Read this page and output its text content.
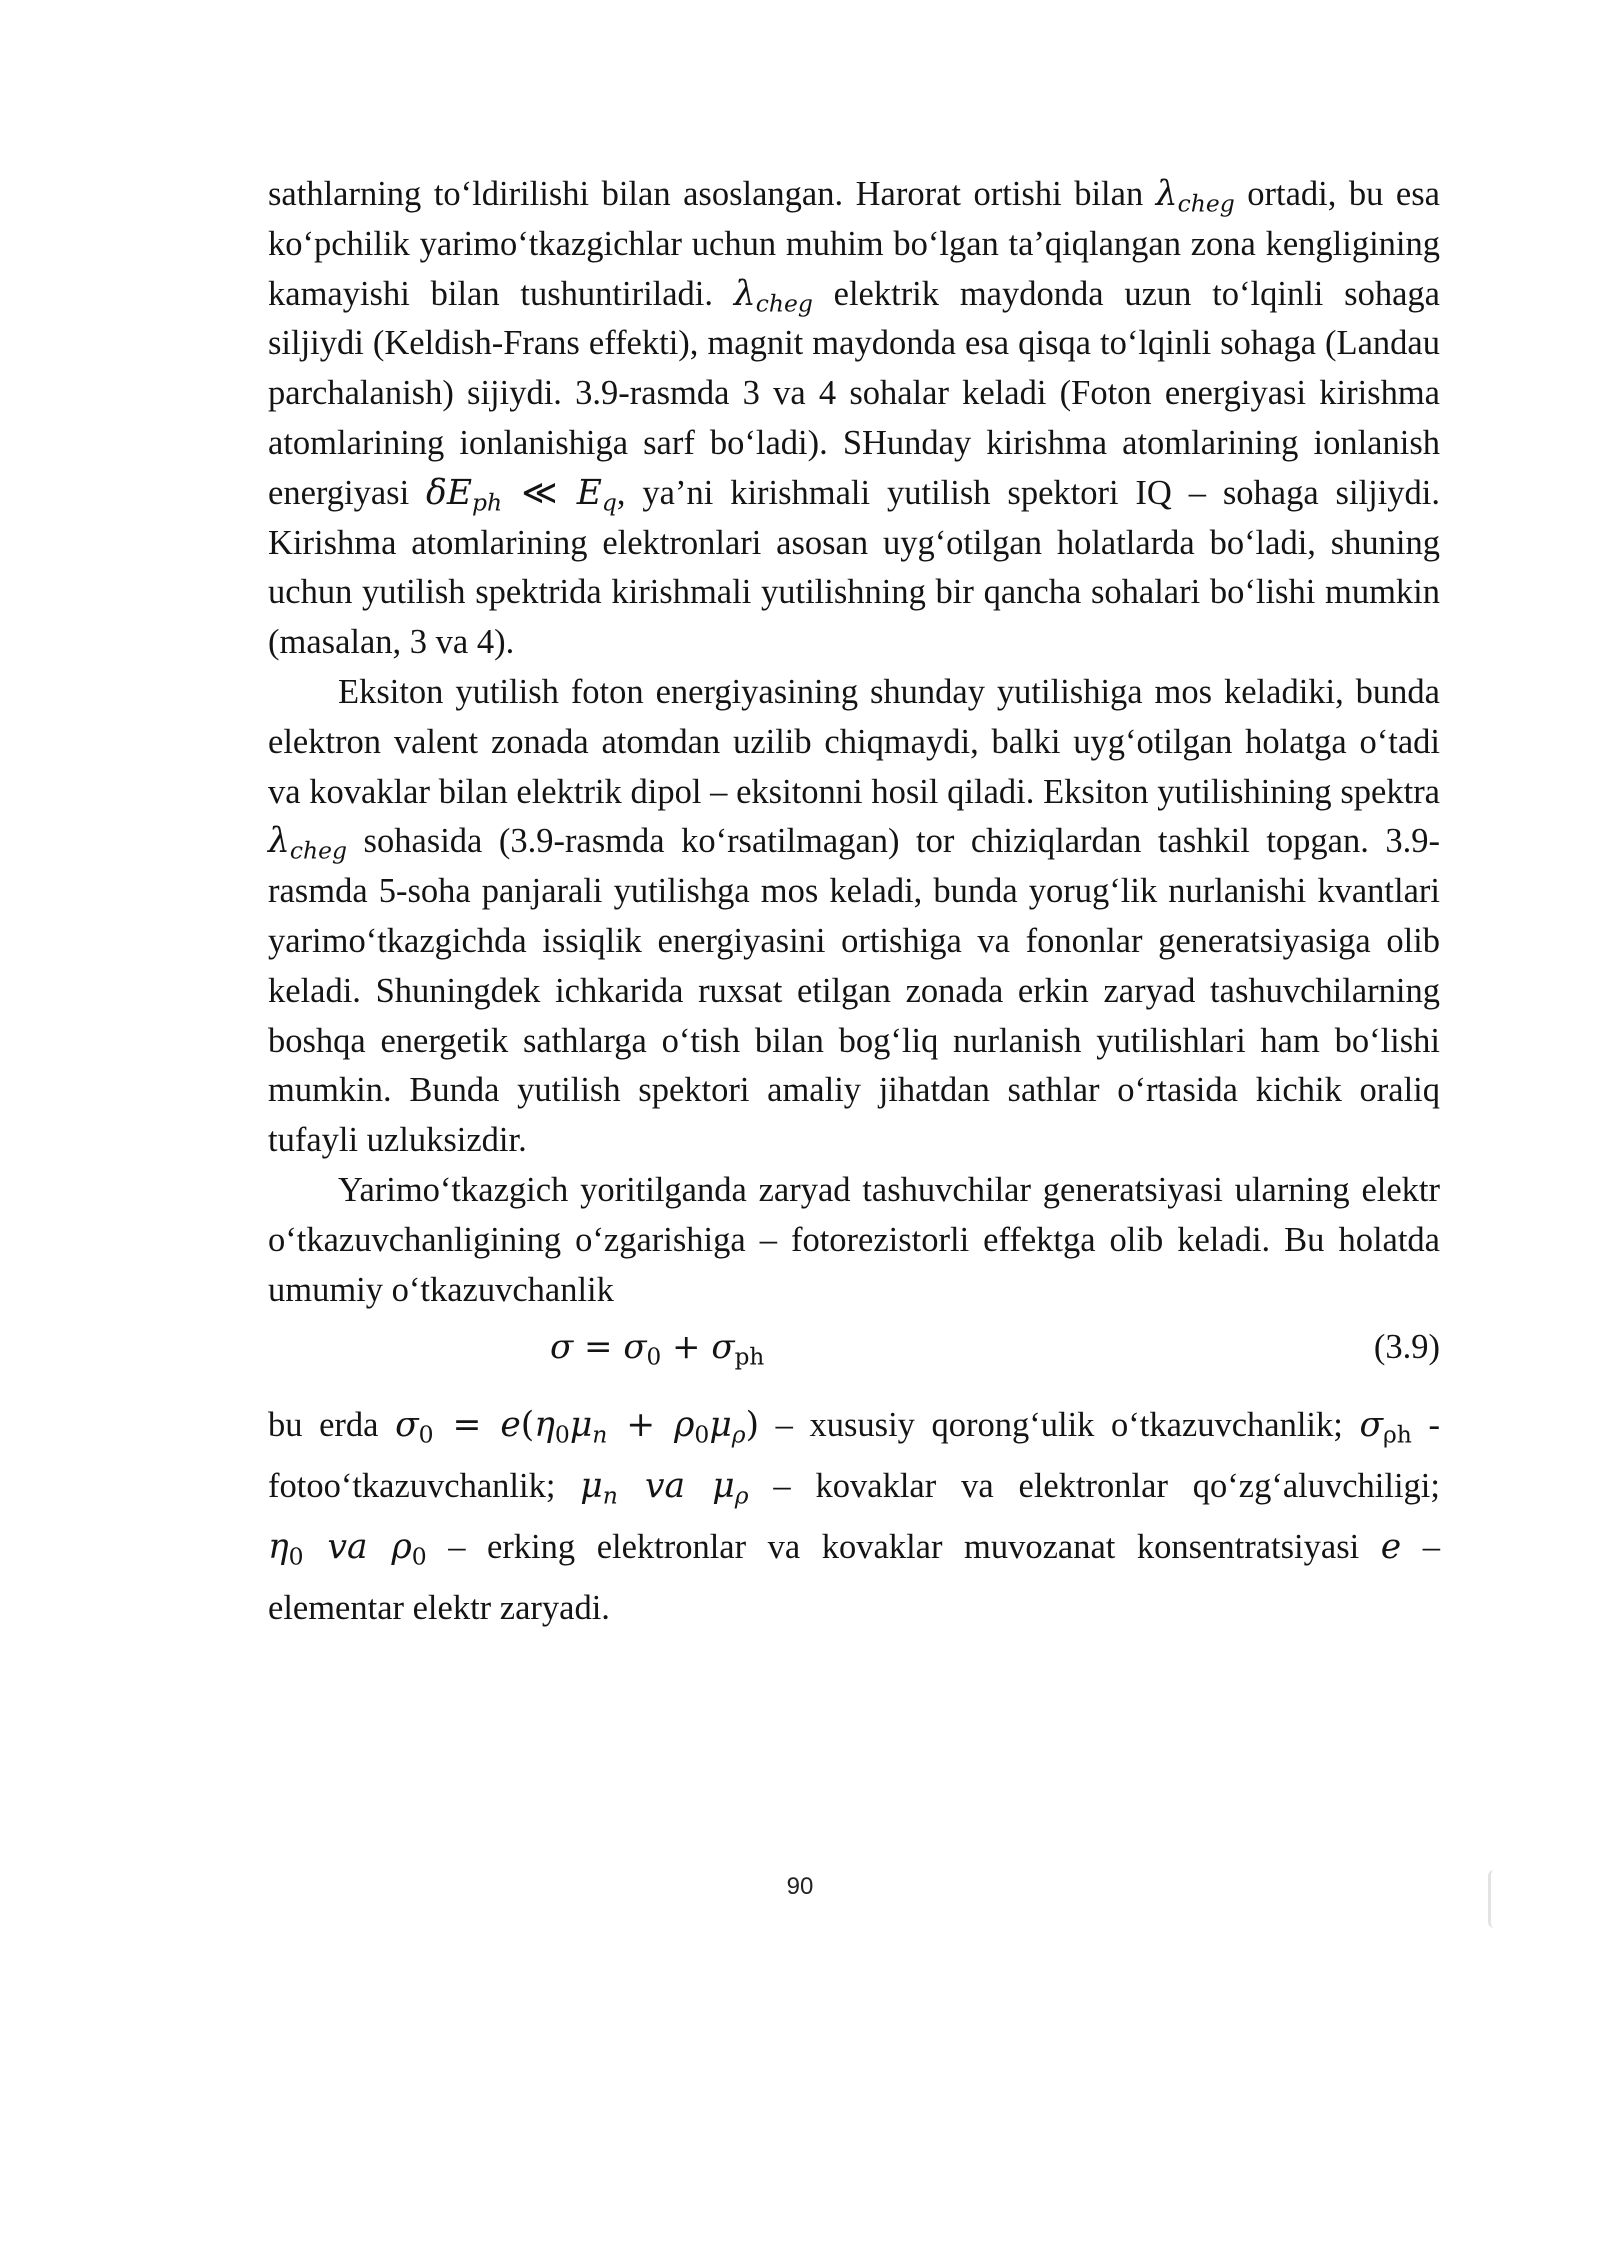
sathlarning to‘ldirilishi bilan asoslangan. Harorat ortishi bilan $\lambda_{cheg}$ ortadi, bu esa ko‘pchilik yarimo‘tkazgichlar uchun muhim bo‘lgan ta’qiqlangan zona kengligining kamayishi bilan tushuntiriladi. $\lambda_{cheg}$ elektrik maydonda uzun to‘lqinli sohaga siljiydi (Keldish-Frans effekti), magnit maydonda esa qisqa to‘lqinli sohaga (Landau parchalanish) sijiydi. 3.9-rasmda 3 va 4 sohalar keladi (Foton energiyasi kirishma atomlarining ionlanishiga sarf bo‘ladi). SHunday kirishma atomlarining ionlanish energiyasi $\delta E_{ph}$ ≪ $E_q$, ya’ni kirishmali yutilish spektori IQ – sohaga siljiydi. Kirishma atomlarining elektronlari asosan uyg‘otilgan holatlarda bo‘ladi, shuning uchun yutilish spektrida kirishmali yutilishning bir qancha sohalari bo‘lishi mumkin (masalan, 3 va 4).

Eksiton yutilish foton energiyasining shunday yutilishiga mos keladiki, bunda elektron valent zonada atomdan uzilib chiqmaydi, balki uyg‘otilgan holatga o‘tadi va kovaklar bilan elektrik dipol – eksitonni hosil qiladi. Eksiton yutilishining spektra $\lambda_{cheg}$ sohasida (3.9-rasmda ko‘rsatilmagan) tor chiziqlardan tashkil topgan. 3.9-rasmda 5-soha panjarali yutilishga mos keladi, bunda yorug‘lik nurlanishi kvantlari yarimo‘tkazgichda issiqlik energiyasini ortishiga va fononlar generatsiyasiga olib keladi. Shuningdek ichkarida ruxsat etilgan zonada erkin zaryad tashuvchilarning boshqa energetik sathlarga o‘tish bilan bog‘liq nurlanish yutilishlari ham bo‘lishi mumkin. Bunda yutilish spektori amaliy jihatdan sathlar o‘rtasida kichik oraliq tufayli uzluksizdir.

Yarimo‘tkazgich yoritilganda zaryad tashuvchilar generatsiyasi ularning elektr o‘tkazuvchanligining o‘zgarishiga – fotorezistorli effektga olib keladi. Bu holatda umumiy o‘tkazuvchanlik

$\sigma = \sigma_0 + \sigma_{ph}$	(3.9)

bu erda $\sigma_0 = e(\eta_0\mu_n + \rho_0\mu_\rho)$ – xususiy qorong‘ulik o‘tkazuvchanlik; $\sigma_{\rho h}$ - fotoo‘tkazuvchanlik; $\mu_n$ va $\mu_\rho$ – kovaklar va elektronlar qo‘zg‘aluvchiligi; $\eta_0$ va $\rho_0$ – erking elektronlar va kovaklar muvozanat konsentratsiyasi e – elementar elektr zaryadi.

90
